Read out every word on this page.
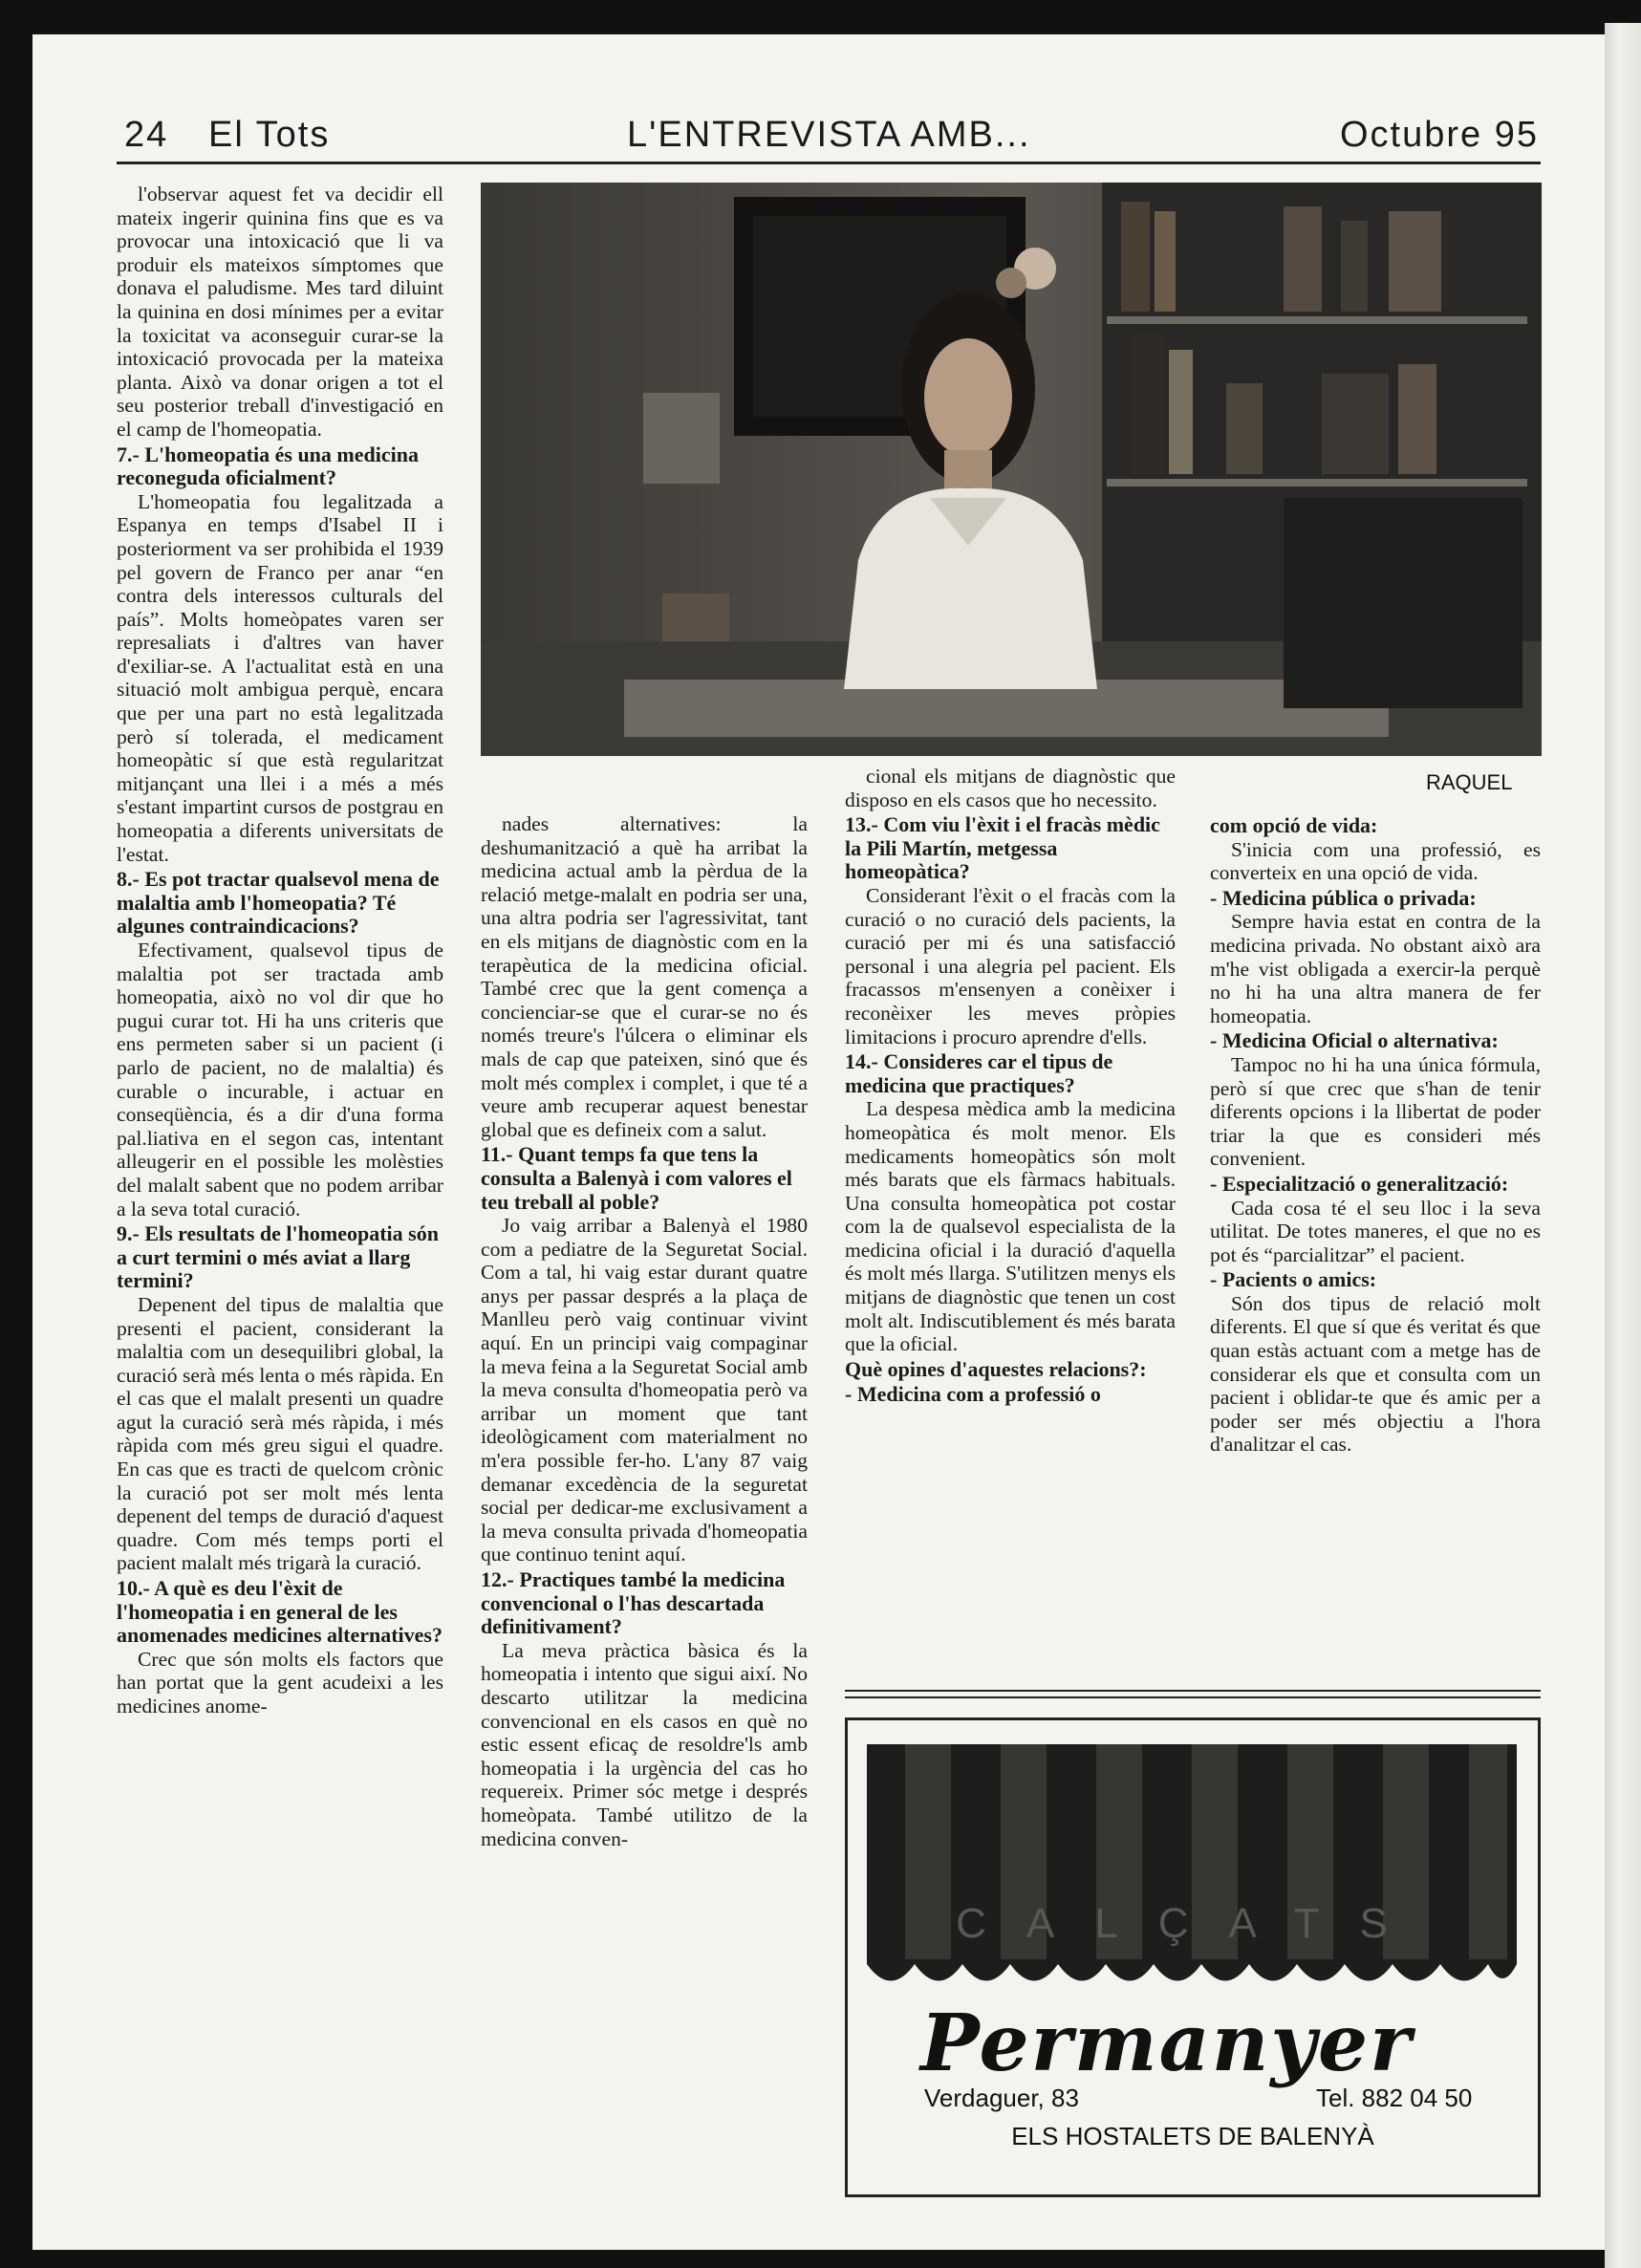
24 El Tots	L'ENTREVISTA AMB...	Octubre 95
RAQUEL

l'observar aquest fet va decidir ell mateix ingerir quinina fins que es va provocar una intoxicació que li va produir els mateixos símptomes que donava el paludisme. Mes tard diluint la quinina en dosi mínimes per a evitar la toxicitat va aconseguir curar-se la intoxicació provocada per la mateixa planta. Això va donar origen a tot el seu posterior treball d'investigació en el camp de l'homeopatia.

7.- L'homeopatia és una medicina reconeguda oficialment?

L'homeopatia fou legalitzada a Espanya en temps d'Isabel II i posteriorment va ser prohibida el 1939 pel govern de Franco per anar “en contra dels interessos culturals del país”. Molts homeòpates varen ser represaliats i d'altres van haver d'exiliar-se. A l'actualitat està en una situació molt ambigua perquè, encara que per una part no està legalitzada però sí tolerada, el medicament homeopàtic sí que està regularitzat mitjançant una llei i a més a més s'estant impartint cursos de postgrau en homeopatia a diferents universitats de l'estat.

8.- Es pot tractar qualsevol mena de malaltia amb l'homeopatia? Té algunes contraindicacions?

Efectivament, qualsevol tipus de malaltia pot ser tractada amb homeopatia, això no vol dir que ho pugui curar tot. Hi ha uns criteris que ens permeten saber si un pacient (i parlo de pacient, no de malaltia) és curable o incurable, i actuar en conseqüència, és a dir d'una forma pal.liativa en el segon cas, intentant alleugerir en el possible les molèsties del malalt sabent que no podem arribar a la seva total curació.

9.- Els resultats de l'homeopatia són a curt termini o més aviat a llarg termini?

Depenent del tipus de malaltia que presenti el pacient, considerant la malaltia com un desequilibri global, la curació serà més lenta o més ràpida. En el cas que el malalt presenti un quadre agut la curació serà més ràpida, i més ràpida com més greu sigui el quadre. En cas que es tracti de quelcom crònic la curació pot ser molt més lenta depenent del temps de duració d'aquest quadre. Com més temps porti el pacient malalt més trigarà la curació.

10.- A què es deu l'èxit de l'homeopatia i en general de les anomenades medicines alternatives?

Crec que són molts els factors que han portat que la gent acudeixi a les medicines anome-

nades alternatives: la deshumanització a què ha arribat la medicina actual amb la pèrdua de la relació metge-malalt en podria ser una, una altra podria ser l'agressivitat, tant en els mitjans de diagnòstic com en la terapèutica de la medicina oficial. També crec que la gent comença a concienciar-se que el curar-se no és només treure's l'úlcera o eliminar els mals de cap que pateixen, sinó que és molt més complex i complet, i que té a veure amb recuperar aquest benestar global que es defineix com a salut.

11.- Quant temps fa que tens la consulta a Balenyà i com valores el teu treball al poble?

Jo vaig arribar a Balenyà el 1980 com a pediatre de la Seguretat Social. Com a tal, hi vaig estar durant quatre anys per passar després a la plaça de Manlleu però vaig continuar vivint aquí. En un principi vaig compaginar la meva feina a la Seguretat Social amb la meva consulta d'homeopatia però va arribar un moment que tant ideològicament com materialment no m'era possible fer-ho. L'any 87 vaig demanar excedència de la seguretat social per dedicar-me exclusivament a la meva consulta privada d'homeopatia que continuo tenint aquí.

12.- Practiques també la medicina convencional o l'has descartada definitivament?

La meva pràctica bàsica és la homeopatia i intento que sigui així. No descarto utilitzar la medicina convencional en els casos en què no estic essent eficaç de resoldre'ls amb homeopatia i la urgència del cas ho requereix. Primer sóc metge i després homeòpata. També utilitzo de la medicina conven-

cional els mitjans de diagnòstic que disposo en els casos que ho necessito.

13.- Com viu l'èxit i el fracàs mèdic la Pili Martín, metgessa homeopàtica?

Considerant l'èxit o el fracàs com la curació o no curació dels pacients, la curació per mi és una satisfacció personal i una alegria pel pacient. Els fracassos m'ensenyen a conèixer i reconèixer les meves pròpies limitacions i procuro aprendre d'ells.

14.- Consideres car el tipus de medicina que practiques?

La despesa mèdica amb la medicina homeopàtica és molt menor. Els medicaments homeopàtics són molt més barats que els fàrmacs habituals. Una consulta homeopàtica pot costar com la de qualsevol especialista de la medicina oficial i la duració d'aquella és molt més llarga. S'utilitzen menys els mitjans de diagnòstic que tenen un cost molt alt. Indiscutiblement és més barata que la oficial.

Què opines d'aquestes relacions?:
- Medicina com a professió o
com opció de vida:

S'inicia com una professió, es converteix en una opció de vida.

- Medicina pública o privada:

Sempre havia estat en contra de la medicina privada. No obstant això ara m'he vist obligada a exercir-la perquè no hi ha una altra manera de fer homeopatia.

- Medicina Oficial o alternativa:

Tampoc no hi ha una única fórmula, però sí que crec que s'han de tenir diferents opcions i la llibertat de poder triar la que es consideri més convenient.

- Especialització o generalització:

Cada cosa té el seu lloc i la seva utilitat. De totes maneres, el que no es pot és “parcialitzar” el pacient.

- Pacients o amics:

Són dos tipus de relació molt diferents. El que sí que és veritat és que quan estàs actuant com a metge has de considerar els que et consulta com un pacient i oblidar-te que és amic per a poder ser més objectiu a l'hora d'analitzar el cas.

CALÇATS
Permanyer
Verdaguer, 83	Tel. 882 04 50
ELS HOSTALETS DE BALENYÀ
